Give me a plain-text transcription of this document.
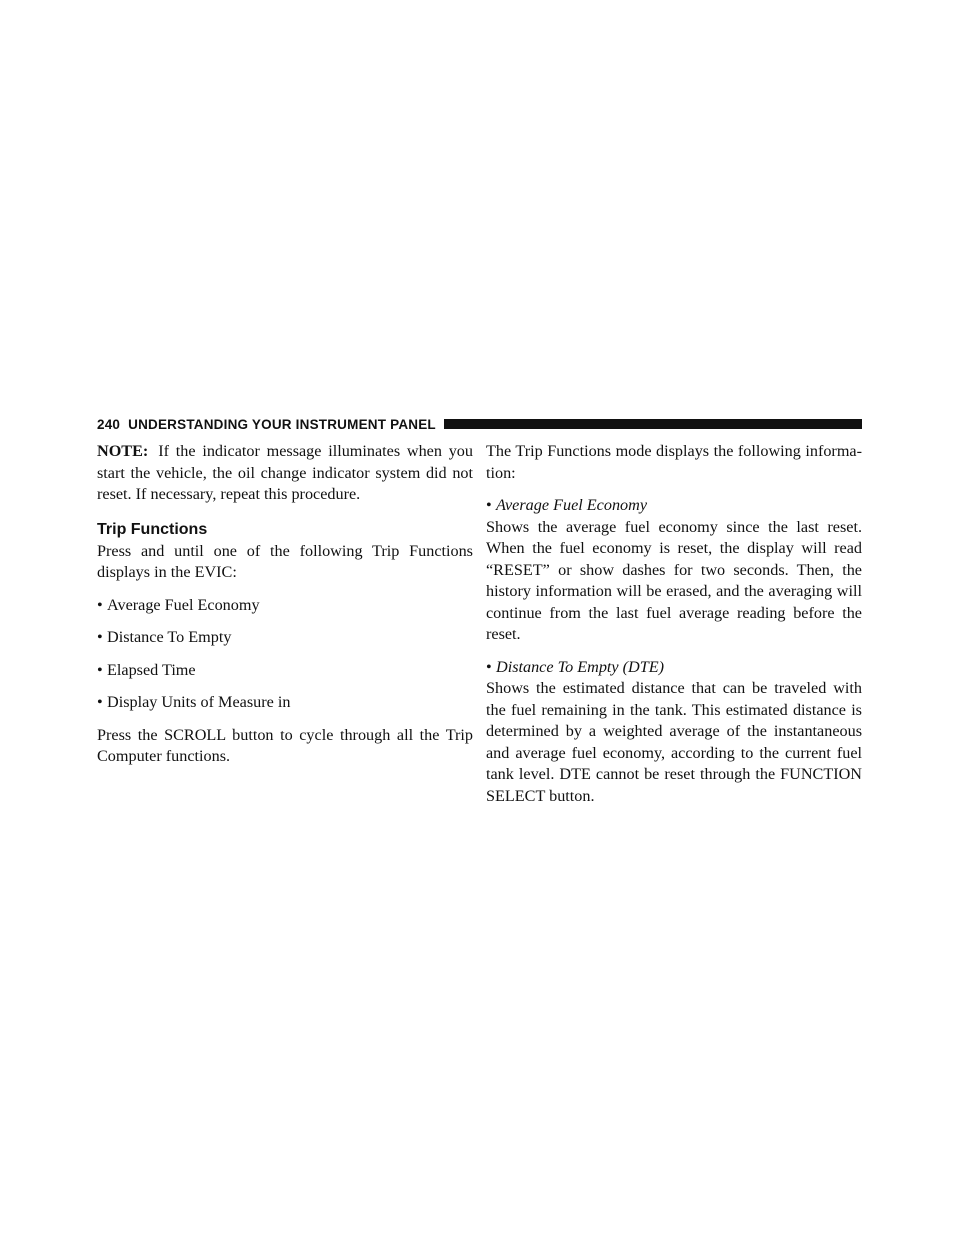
240 UNDERSTANDING YOUR INSTRUMENT PANEL

NOTE: If the indicator message illuminates when you start the vehicle, the oil change indicator system did not reset. If necessary, repeat this procedure.

Trip Functions

Press and until one of the following Trip Functions displays in the EVIC:

• Average Fuel Economy
• Distance To Empty
• Elapsed Time
• Display Units of Measure in

Press the SCROLL button to cycle through all the Trip Computer functions.

The Trip Functions mode displays the following informa- tion:

• Average Fuel Economy

Shows the average fuel economy since the last reset. When the fuel economy is reset, the display will read “RESET” or show dashes for two seconds. Then, the history information will be erased, and the averaging will continue from the last fuel average reading before the reset.

• Distance To Empty (DTE)

Shows the estimated distance that can be traveled with the fuel remaining in the tank. This estimated distance is determined by a weighted average of the instantaneous and average fuel economy, according to the current fuel tank level. DTE cannot be reset through the FUNCTION SELECT button.
